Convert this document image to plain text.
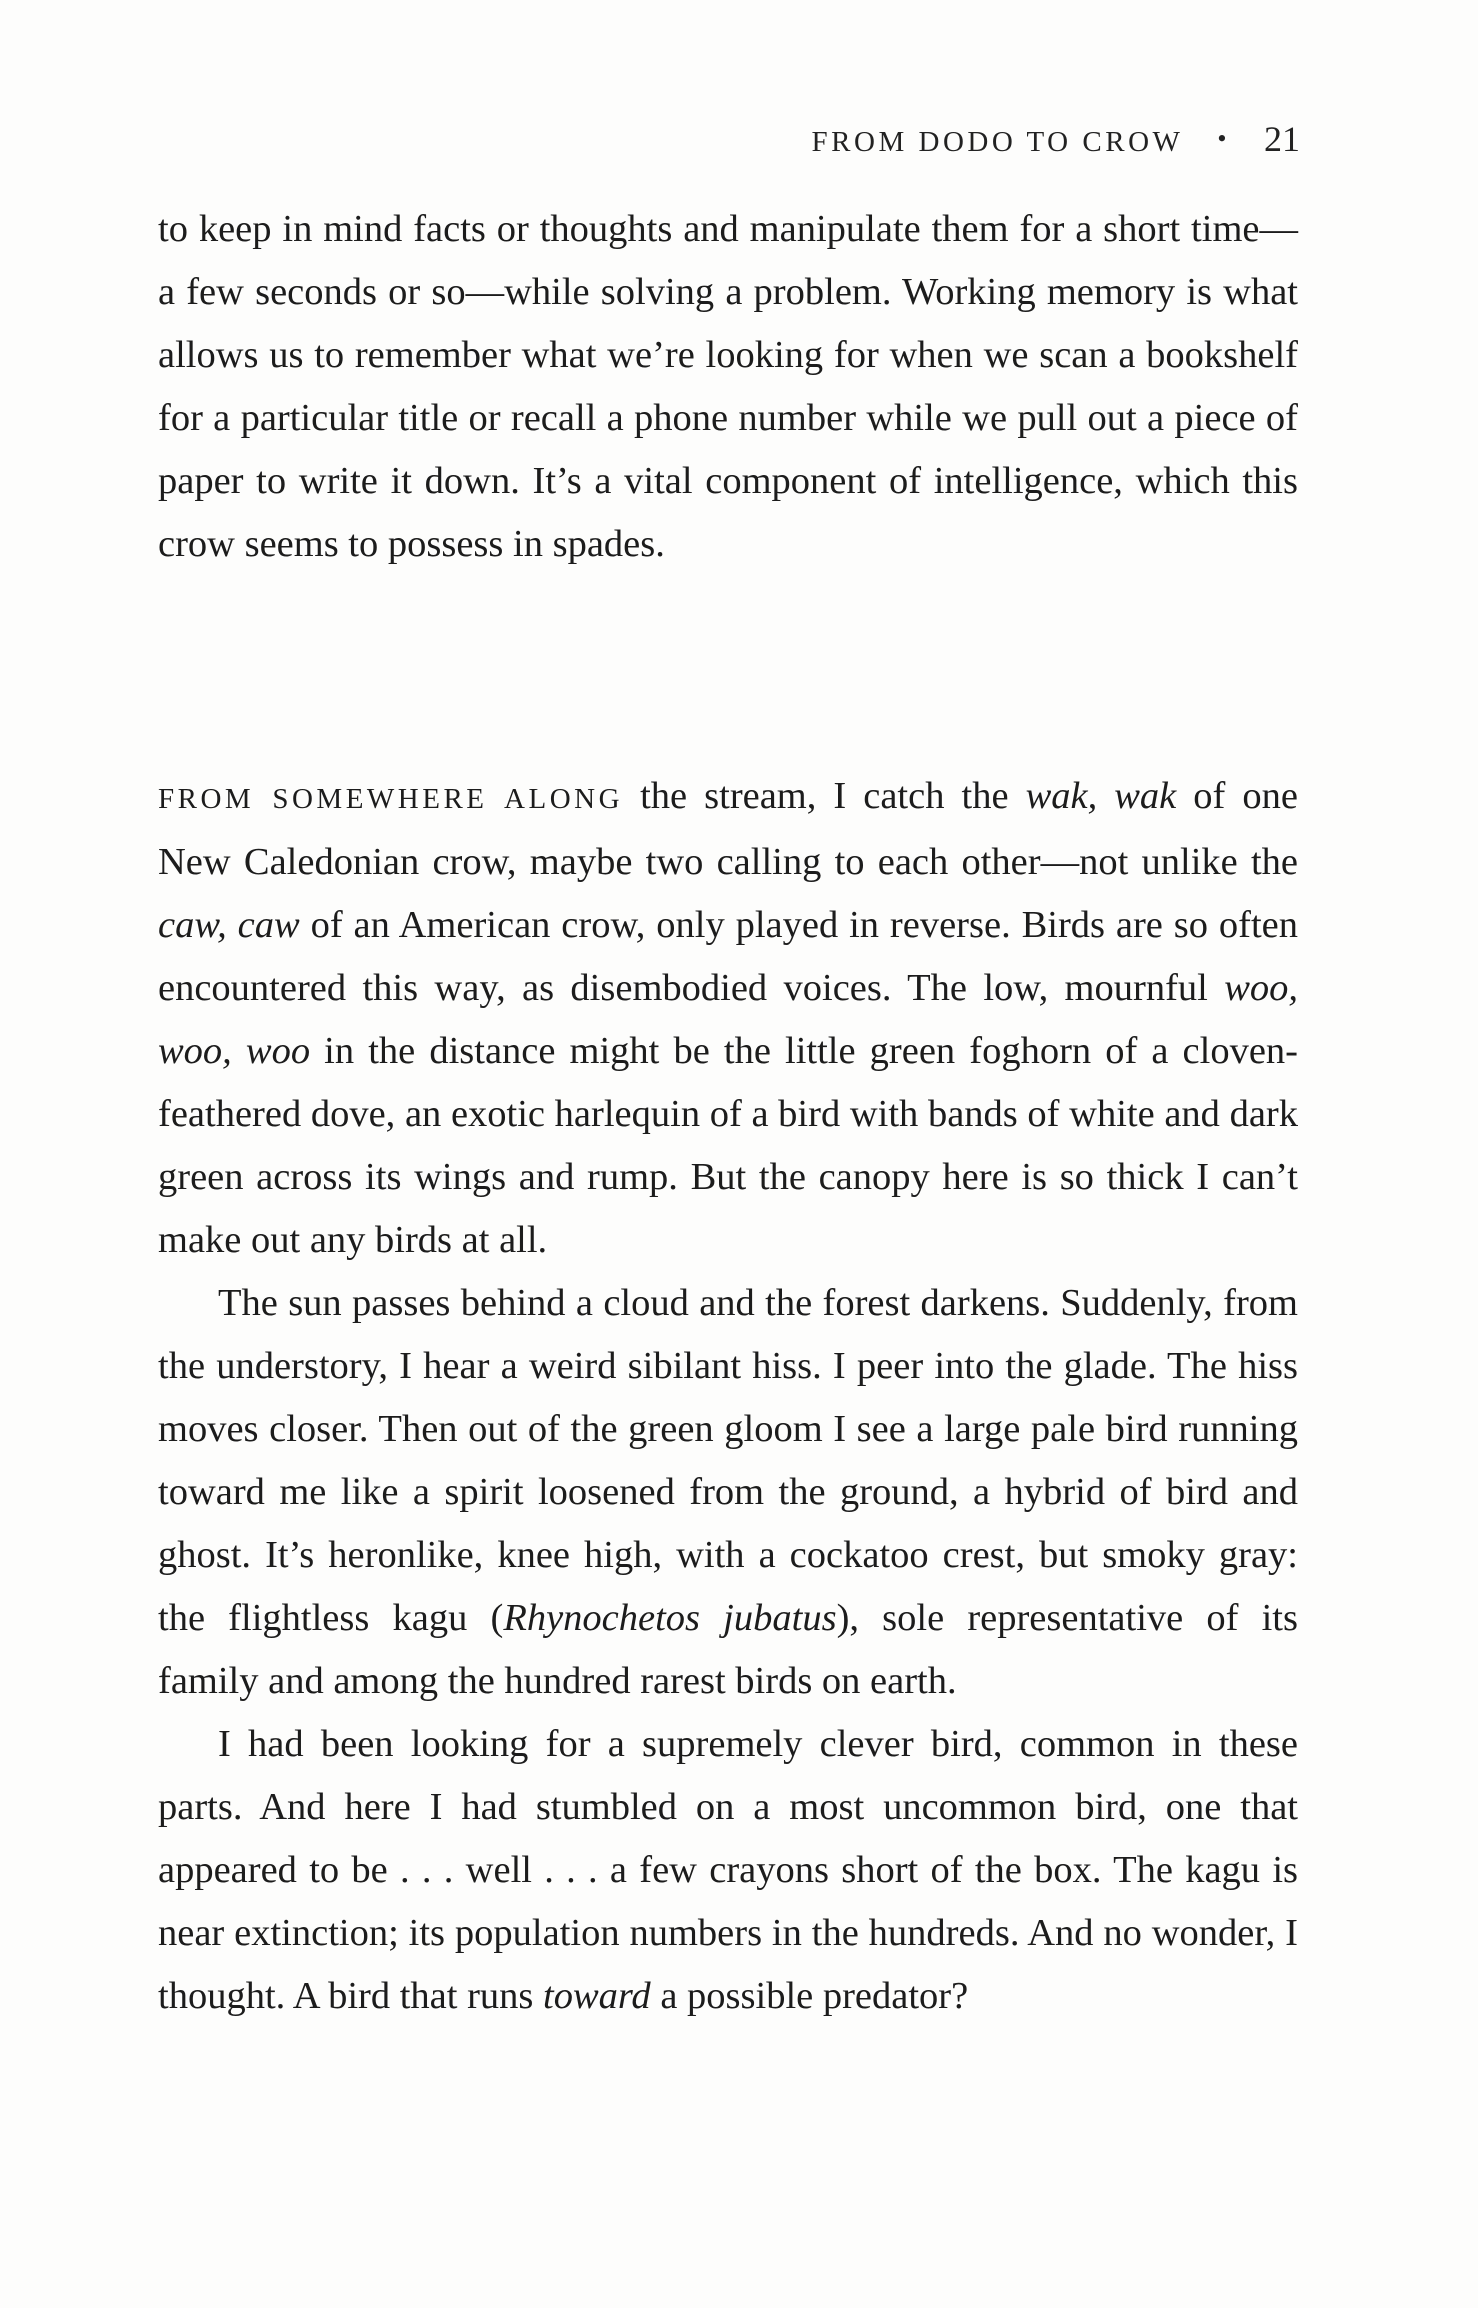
FROM DODO TO CROW • 21

to keep in mind facts or thoughts and manipulate them for a short time—a few seconds or so—while solving a problem. Working memory is what allows us to remember what we’re looking for when we scan a bookshelf for a particular title or recall a phone number while we pull out a piece of paper to write it down. It’s a vital component of intelligence, which this crow seems to possess in spades.

FROM SOMEWHERE ALONG the stream, I catch the wak, wak of one New Caledonian crow, maybe two calling to each other—not unlike the caw, caw of an American crow, only played in reverse. Birds are so often encountered this way, as disembodied voices. The low, mournful woo, woo, woo in the distance might be the little green foghorn of a cloven-feathered dove, an exotic harlequin of a bird with bands of white and dark green across its wings and rump. But the canopy here is so thick I can’t make out any birds at all.

The sun passes behind a cloud and the forest darkens. Suddenly, from the understory, I hear a weird sibilant hiss. I peer into the glade. The hiss moves closer. Then out of the green gloom I see a large pale bird running toward me like a spirit loosened from the ground, a hybrid of bird and ghost. It’s heronlike, knee high, with a cockatoo crest, but smoky gray: the flightless kagu (Rhynochetos jubatus), sole representative of its family and among the hundred rarest birds on earth.

I had been looking for a supremely clever bird, common in these parts. And here I had stumbled on a most uncommon bird, one that appeared to be . . . well . . . a few crayons short of the box. The kagu is near extinction; its population numbers in the hundreds. And no wonder, I thought. A bird that runs toward a possible predator?
